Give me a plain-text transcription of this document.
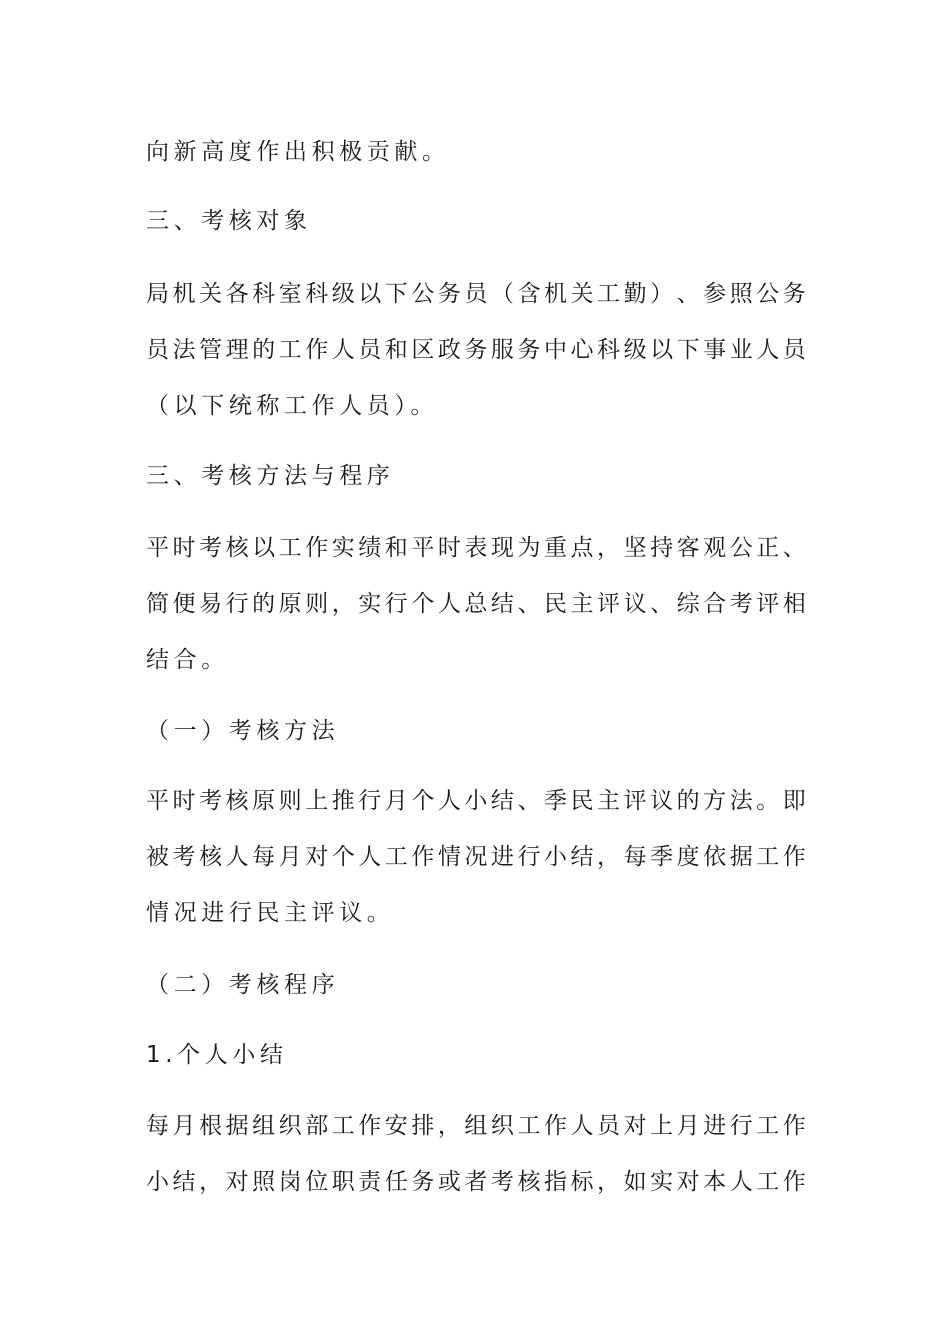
向新高度作出积极贡献。
三、考核对象
局 机 关 各 科 室 科 级 以 下 公 务 员 （ 含 机 关 工 勤 ） 、 参 照 公 务
员 法 管 理 的 工 作 人 员 和 区 政 务 服 务 中 心 科 级 以 下 事 业 人 员
（以下统称工作人员）。
三、考核方法与程序
平 时 考 核 以 工 作 实 绩 和 平 时 表 现 为 重 点 ， 坚 持 客 观 公 正 、
简 便 易 行 的 原 则 ， 实 行 个 人 总 结 、 民 主 评 议 、 综 合 考 评 相
结合。
（一）考核方法
平 时 考 核 原 则 上 推 行 月 个 人 小 结 、 季 民 主 评 议 的 方 法 。 即
被 考 核 人 每 月 对 个 人 工 作 情 况 进 行 小 结 ， 每 季 度 依 据 工 作
情况进行民主评议。
（二）考核程序
1.个人小结
每 月 根 据 组 织 部 工 作 安 排 ， 组 织 工 作 人 员 对 上 月 进 行 工 作
小 结 ， 对 照 岗 位 职 责 任 务 或 者 考 核 指 标 ， 如 实 对 本 人 工 作
